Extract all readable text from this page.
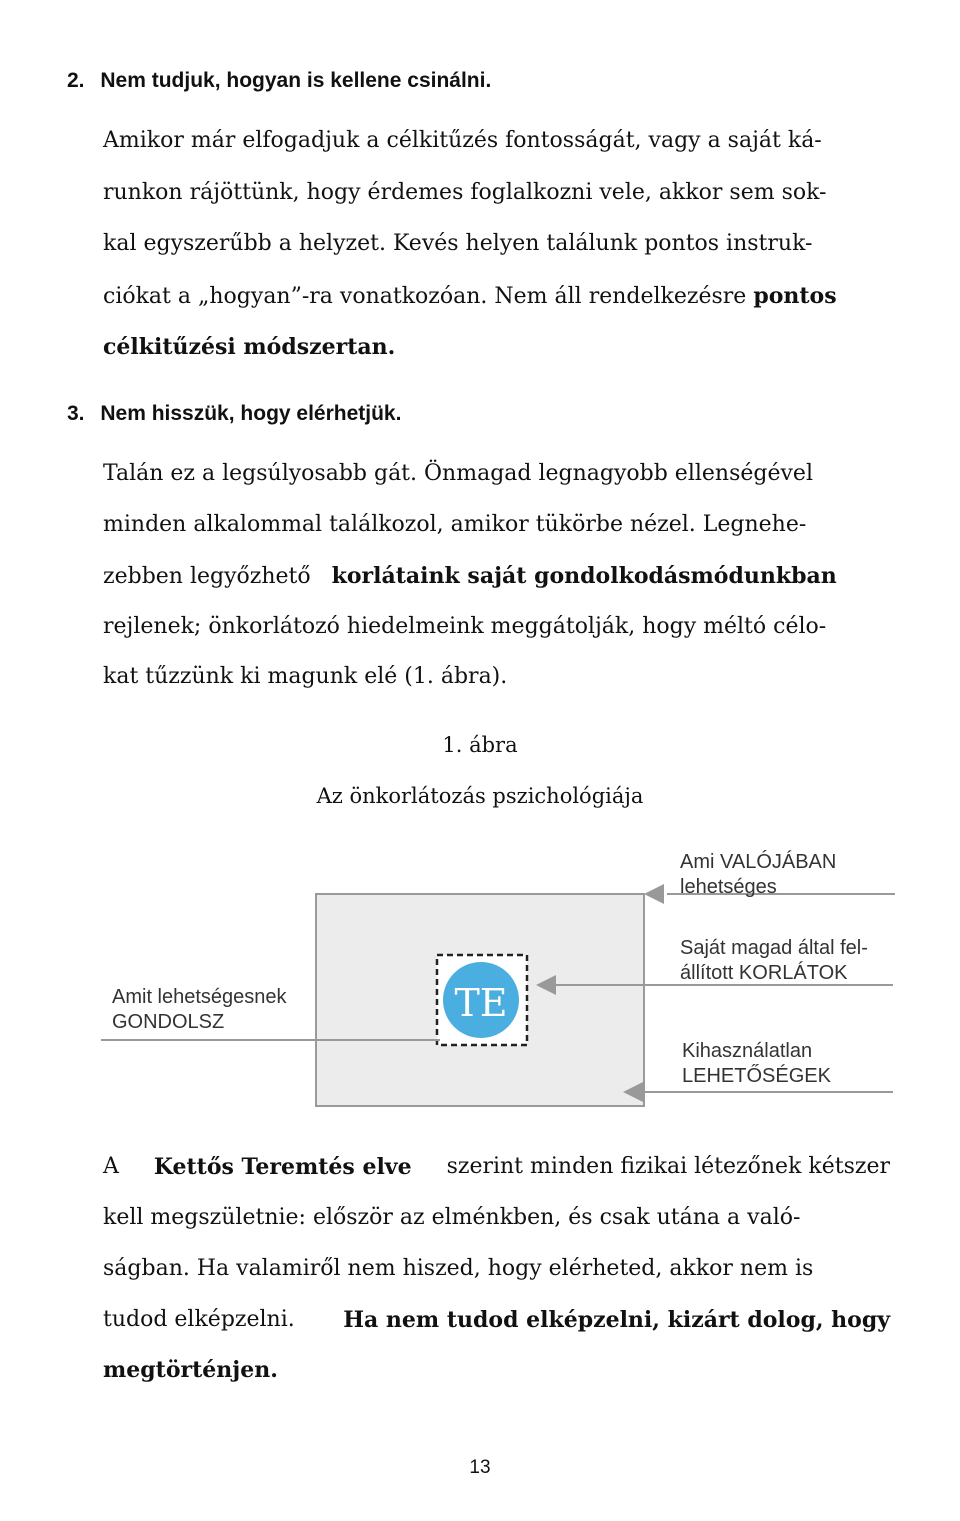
2. Nem tudjuk, hogyan is kellene csinálni.
Amikor már elfogadjuk a célkitűzés fontosságát, vagy a saját ká-
runkon rájöttünk, hogy érdemes foglalkozni vele, akkor sem sok-
kal egyszerűbb a helyzet. Kevés helyen találunk pontos instruk-
ciókat a „hogyan”-ra vonatkozóan. Nem áll rendelkezésre pontos
célkitűzési módszertan.
3. Nem hisszük, hogy elérhetjük.
Talán ez a legsúlyosabb gát. Önmagad legnagyobb ellenségével
minden alkalommal találkozol, amikor tükörbe nézel. Legnehe-
zebben legyőzhető korlátaink saját gondolkodásmódunkban
rejlenek; önkorlátozó hiedelmeink meggátolják, hogy méltó célo-
kat tűzzünk ki magunk elé (1. ábra).
1. ábra
Az önkorlátozás pszichológiája
TE
Ami VALÓJÁBAN
lehetséges
Saját magad által fel-
állított KORLÁTOK
Amit lehetségesnek
GONDOLSZ
Kihasználatlan
LEHETŐSÉGEK
A Kettős Teremtés elve szerint minden fizikai létezőnek kétszer
kell megszületnie: először az elménkben, és csak utána a való-
ságban. Ha valamiről nem hiszed, hogy elérheted, akkor nem is
tudod elképzelni. Ha nem tudod elképzelni, kizárt dolog, hogy
megtörténjen.
13
